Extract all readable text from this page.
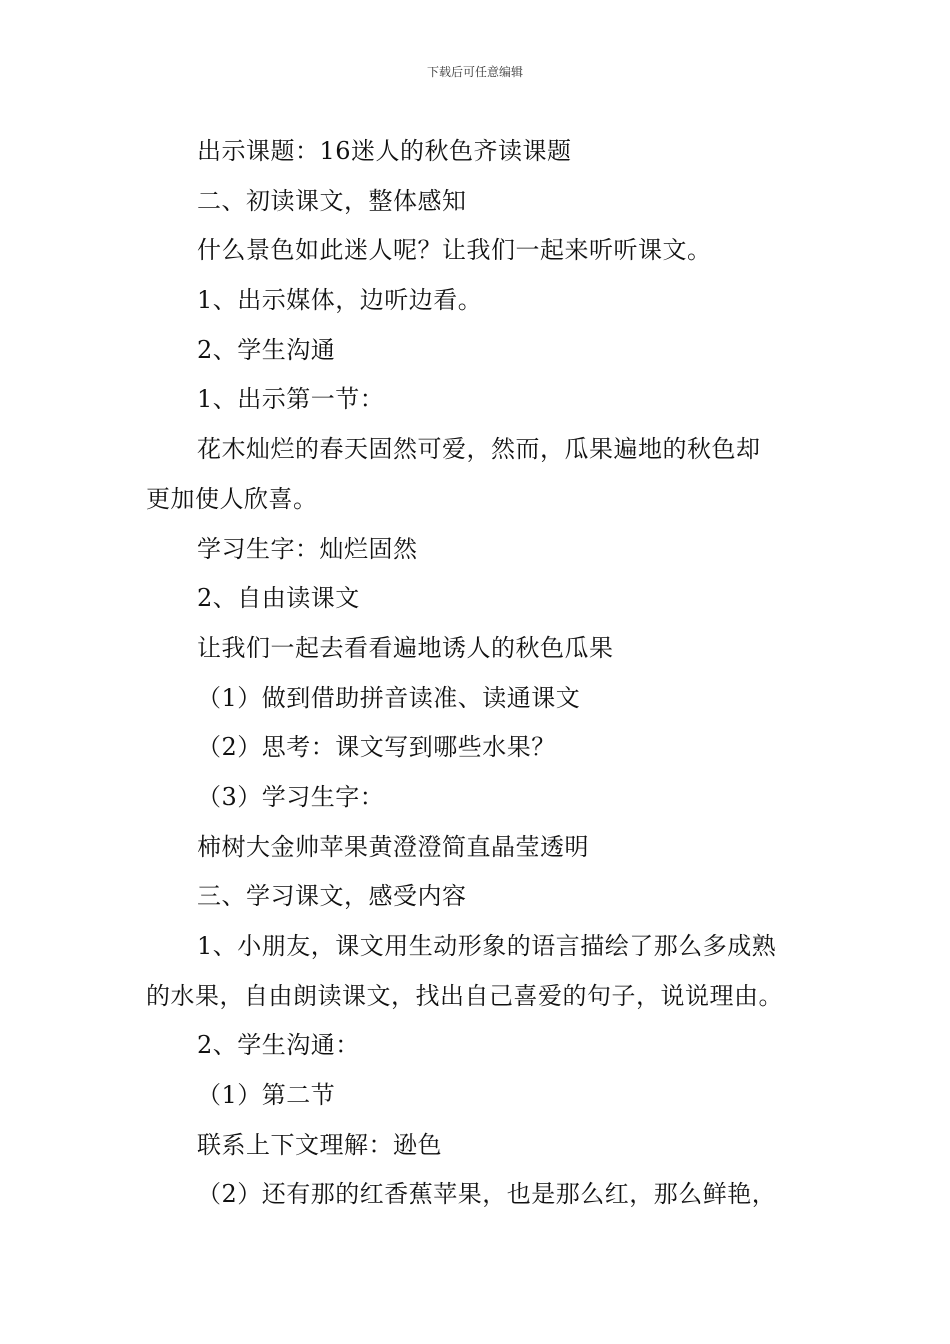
下载后可任意编辑
出示课题：16迷人的秋色齐读课题
二、初读课文，整体感知
什么景色如此迷人呢？让我们一起来听听课文。
1、出示媒体，边听边看。
2、学生沟通
1、出示第一节：
花木灿烂的春天固然可爱，然而，瓜果遍地的秋色却
更加使人欣喜。
学习生字：灿烂固然
2、自由读课文
让我们一起去看看遍地诱人的秋色瓜果
（1）做到借助拼音读准、读通课文
（2）思考：课文写到哪些水果？
（3）学习生字：
柿树大金帅苹果黄澄澄简直晶莹透明
三、学习课文，感受内容
1、小朋友，课文用生动形象的语言描绘了那么多成熟
的水果，自由朗读课文，找出自己喜爱的句子，说说理由。
2、学生沟通：
（1）第二节
联系上下文理解：逊色
（2）还有那的红香蕉苹果，也是那么红，那么鲜艳，
